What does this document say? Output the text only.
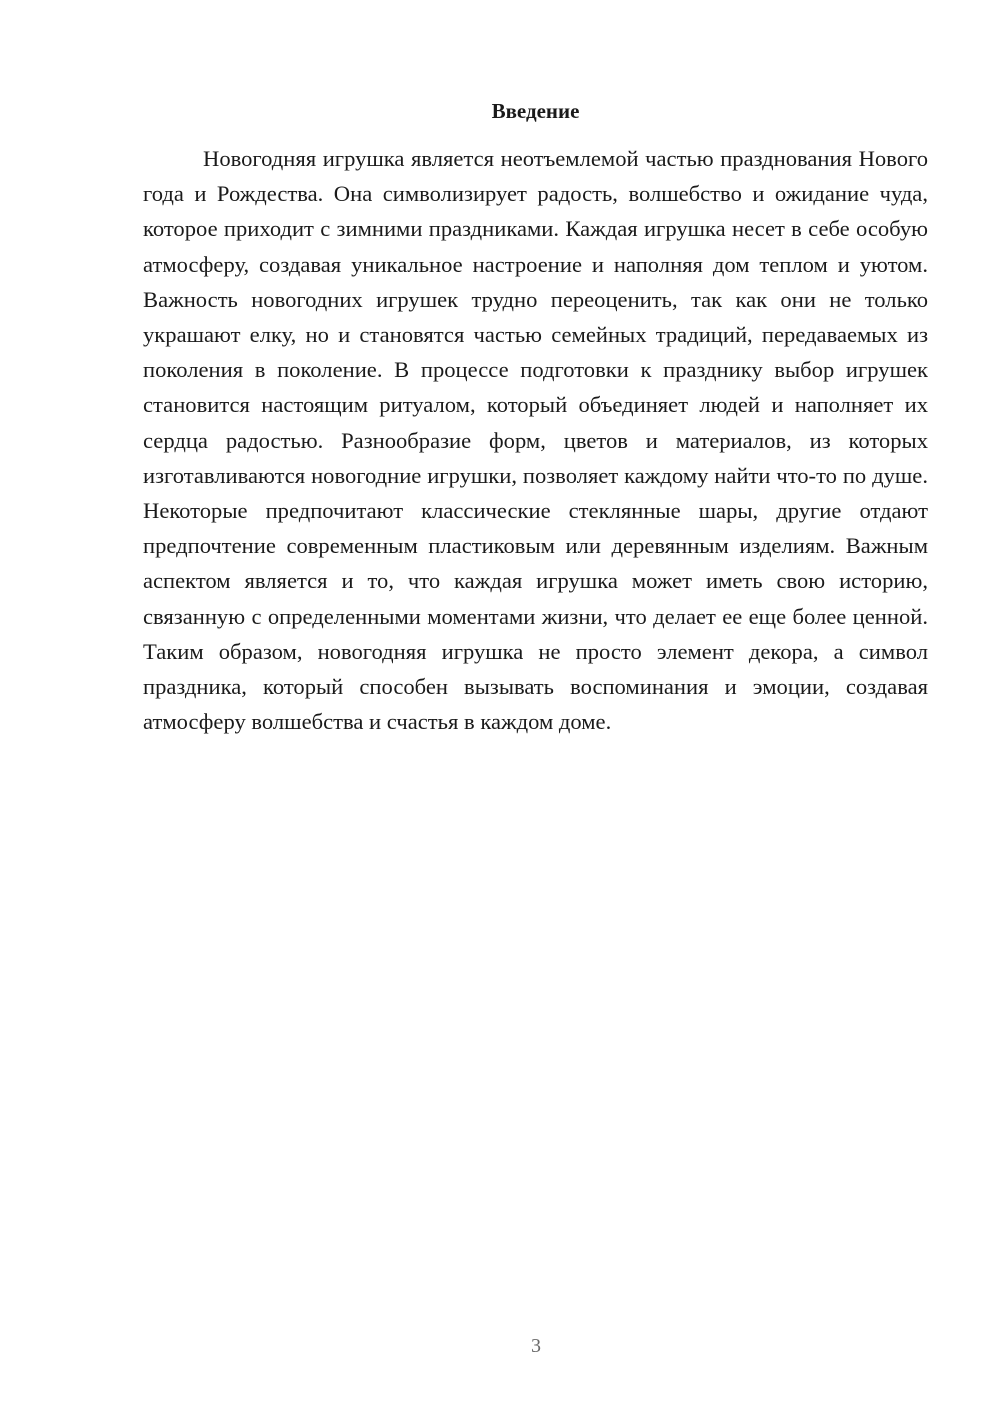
Введение

Новогодняя игрушка является неотъемлемой частью празднования Нового года и Рождества. Она символизирует радость, волшебство и ожидание чуда, которое приходит с зимними праздниками. Каждая игрушка несет в себе особую атмосферу, создавая уникальное настроение и наполняя дом теплом и уютом. Важность новогодних игрушек трудно переоценить, так как они не только украшают елку, но и становятся частью семейных традиций, передаваемых из поколения в поколение. В процессе подготовки к празднику выбор игрушек становится настоящим ритуалом, который объединяет людей и наполняет их сердца радостью. Разнообразие форм, цветов и материалов, из которых изготавливаются новогодние игрушки, позволяет каждому найти что-то по душе. Некоторые предпочитают классические стеклянные шары, другие отдают предпочтение современным пластиковым или деревянным изделиям. Важным аспектом является и то, что каждая игрушка может иметь свою историю, связанную с определенными моментами жизни, что делает ее еще более ценной. Таким образом, новогодняя игрушка не просто элемент декора, а символ праздника, который способен вызывать воспоминания и эмоции, создавая атмосферу волшебства и счастья в каждом доме.

3
